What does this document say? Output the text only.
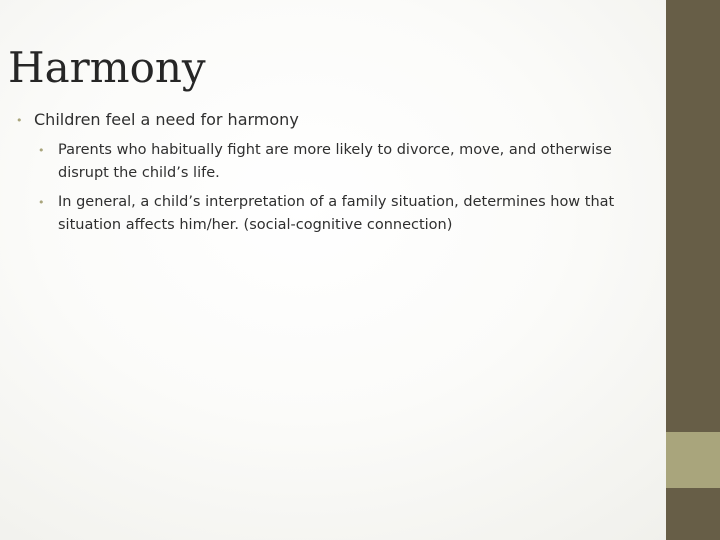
Harmony
• Children feel a need for harmony
• Parents who habitually fight are more likely to divorce, move, and otherwise disrupt the child’s life.
• In general, a child’s interpretation of a family situation, determines how that situation affects him/her. (social-cognitive connection)
